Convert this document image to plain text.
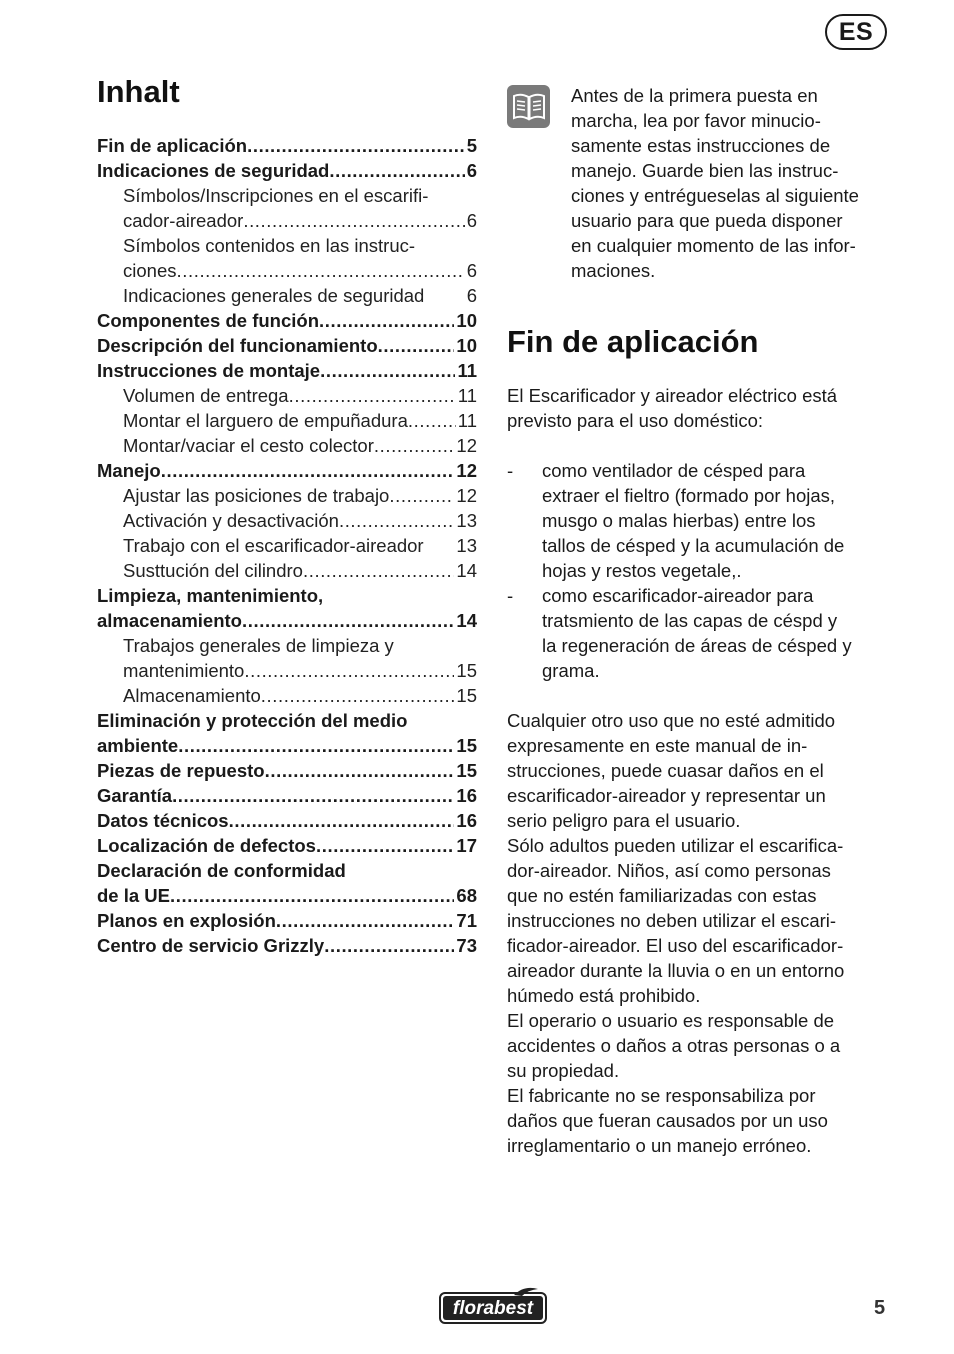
ES
Inhalt
Fin de aplicación .....	5
Indicaciones de seguridad .....	6
Símbolos/Inscripciones en el escarifi-
cador-aireador .....	6
Símbolos contenidos en las instruc-
ciones .....	6
Indicaciones generales de seguridad 6
Componentes de función .....	10
Descripción del funcionamiento .....	10
Instrucciones de montaje .....	11
Volumen de entrega .....	11
Montar el larguero de empuñadura .....	11
Montar/vaciar el cesto colector .....	12
Manejo .....	12
Ajustar las posiciones de trabajo .....	12
Activación y desactivación .....	13
Trabajo con el escarificador-aireador 13
Susttución del cilindro .....	14
Limpieza, mantenimiento,
almacenamiento .....	14
Trabajos generales de limpieza y
mantenimiento .....	15
Almacenamiento .....	15
Eliminación y protección del medio
ambiente .....	15
Piezas de repuesto .....	15
Garantía .....	16
Datos técnicos .....	16
Localización de defectos .....	17
Declaración de conformidad
de la UE .....	68
Planos en explosión .....	71
Centro de servicio Grizzly .....	73
Antes de la primera puesta en
marcha, lea por favor minucio-
samente estas instrucciones de
manejo. Guarde bien las instruc-
ciones y entrégueselas al siguiente
usuario para que pueda disponer
en cualquier momento de las infor-
maciones.
Fin de aplicación
El Escarificador y aireador eléctrico está
previsto para el uso doméstico:
- como ventilador de césped para
extraer el fieltro (formado por hojas,
musgo o malas hierbas) entre los
tallos de césped y la acumulación de
hojas y restos vegetale,.
- como escarificador-aireador para
tratsmiento de las capas de céspd y
la regeneración de áreas de césped y
grama.
Cualquier otro uso que no esté admitido
expresamente en este manual de in-
strucciones, puede cuasar daños en el
escarificador-aireador y representar un
serio peligro para el usuario.
Sólo adultos pueden utilizar el escarifica-
dor-aireador. Niños, así como personas
que no estén familiarizadas con estas
instrucciones no deben utilizar el escari-
ficador-aireador. El uso del escarificador-
aireador durante la lluvia o en un entorno
húmedo está prohibido.
El operario o usuario es responsable de
accidentes o daños a otras personas o a
su propiedad.
El fabricante no se responsabiliza por
daños que fueran causados por un uso
irreglamentario o un manejo erróneo.
florabest	5
